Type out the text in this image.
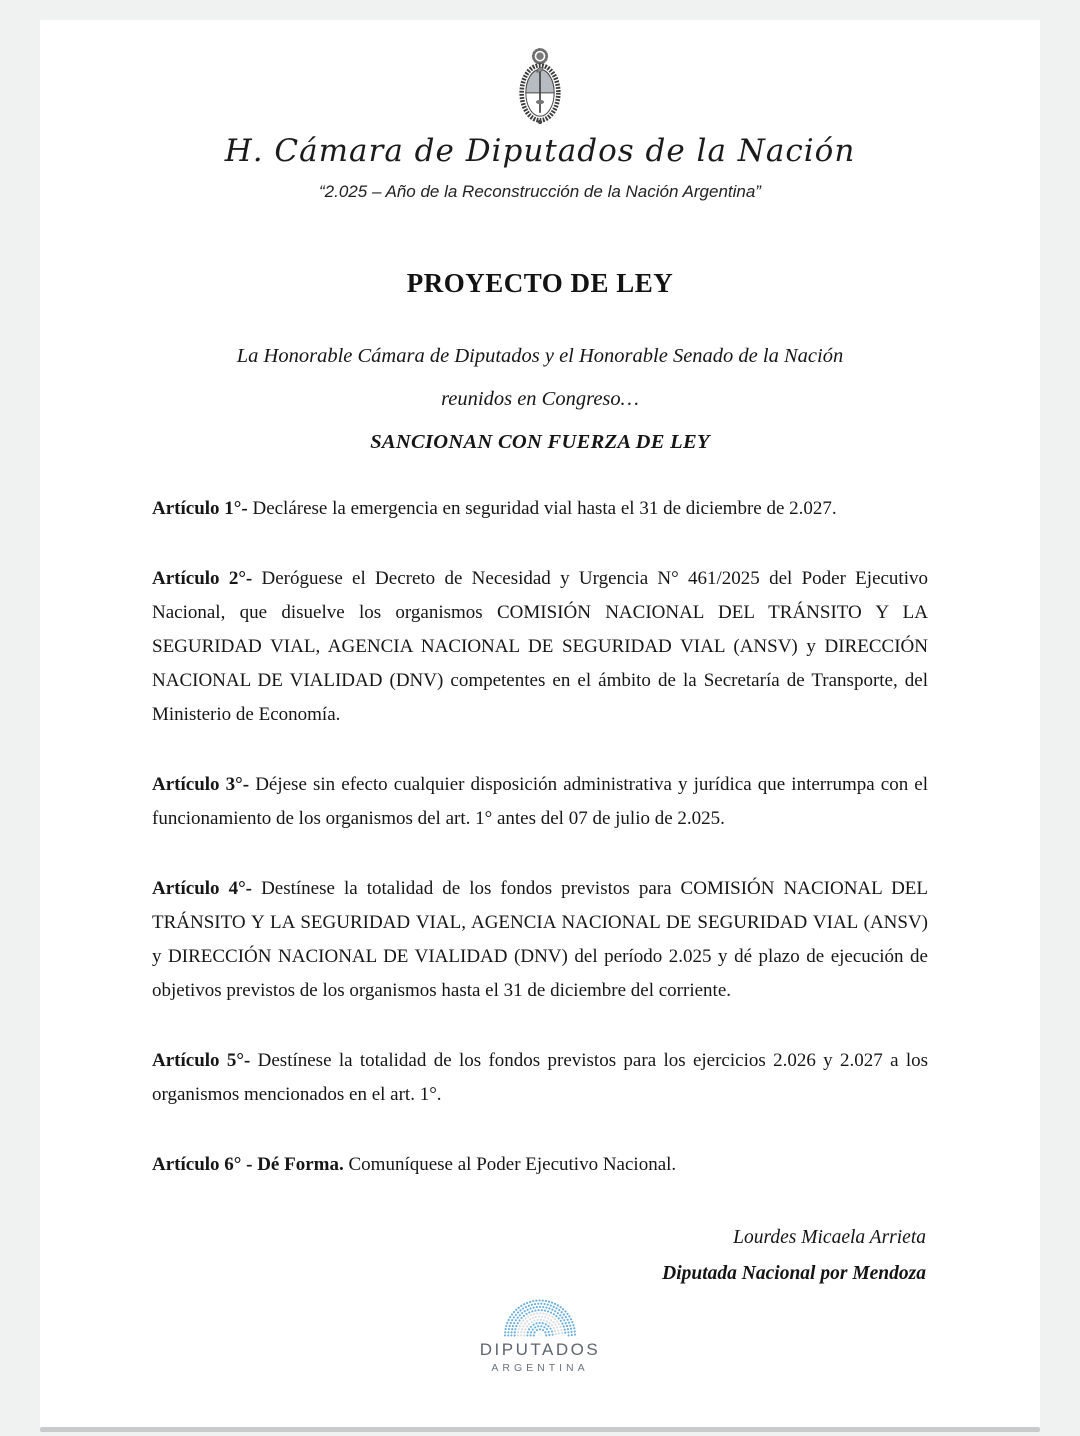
H. Cámara de Diputados de la Nación
“2.025 – Año de la Reconstrucción de la Nación Argentina”
PROYECTO DE LEY
La Honorable Cámara de Diputados y el Honorable Senado de la Nación
reunidos en Congreso…
SANCIONAN CON FUERZA DE LEY

Artículo 1°- Declárese la emergencia en seguridad vial hasta el 31 de diciembre de 2.027.

Artículo 2°- Deróguese el Decreto de Necesidad y Urgencia N° 461/2025 del Poder Ejecutivo Nacional, que disuelve los organismos COMISIÓN NACIONAL DEL TRÁNSITO Y LA SEGURIDAD VIAL, AGENCIA NACIONAL DE SEGURIDAD VIAL (ANSV) y DIRECCIÓN NACIONAL DE VIALIDAD (DNV) competentes en el ámbito de la Secretaría de Transporte, del Ministerio de Economía.

Artículo 3°- Déjese sin efecto cualquier disposición administrativa y jurídica que interrumpa con el funcionamiento de los organismos del art. 1° antes del 07 de julio de 2.025.

Artículo 4°- Destínese la totalidad de los fondos previstos para COMISIÓN NACIONAL DEL TRÁNSITO Y LA SEGURIDAD VIAL, AGENCIA NACIONAL DE SEGURIDAD VIAL (ANSV) y DIRECCIÓN NACIONAL DE VIALIDAD (DNV) del período 2.025 y dé plazo de ejecución de objetivos previstos de los organismos hasta el 31 de diciembre del corriente.

Artículo 5°- Destínese la totalidad de los fondos previstos para los ejercicios 2.026 y 2.027 a los organismos mencionados en el art. 1°.

Artículo 6° - Dé Forma. Comuníquese al Poder Ejecutivo Nacional.

Lourdes Micaela Arrieta
Diputada Nacional por Mendoza
DIPUTADOS
ARGENTINA
